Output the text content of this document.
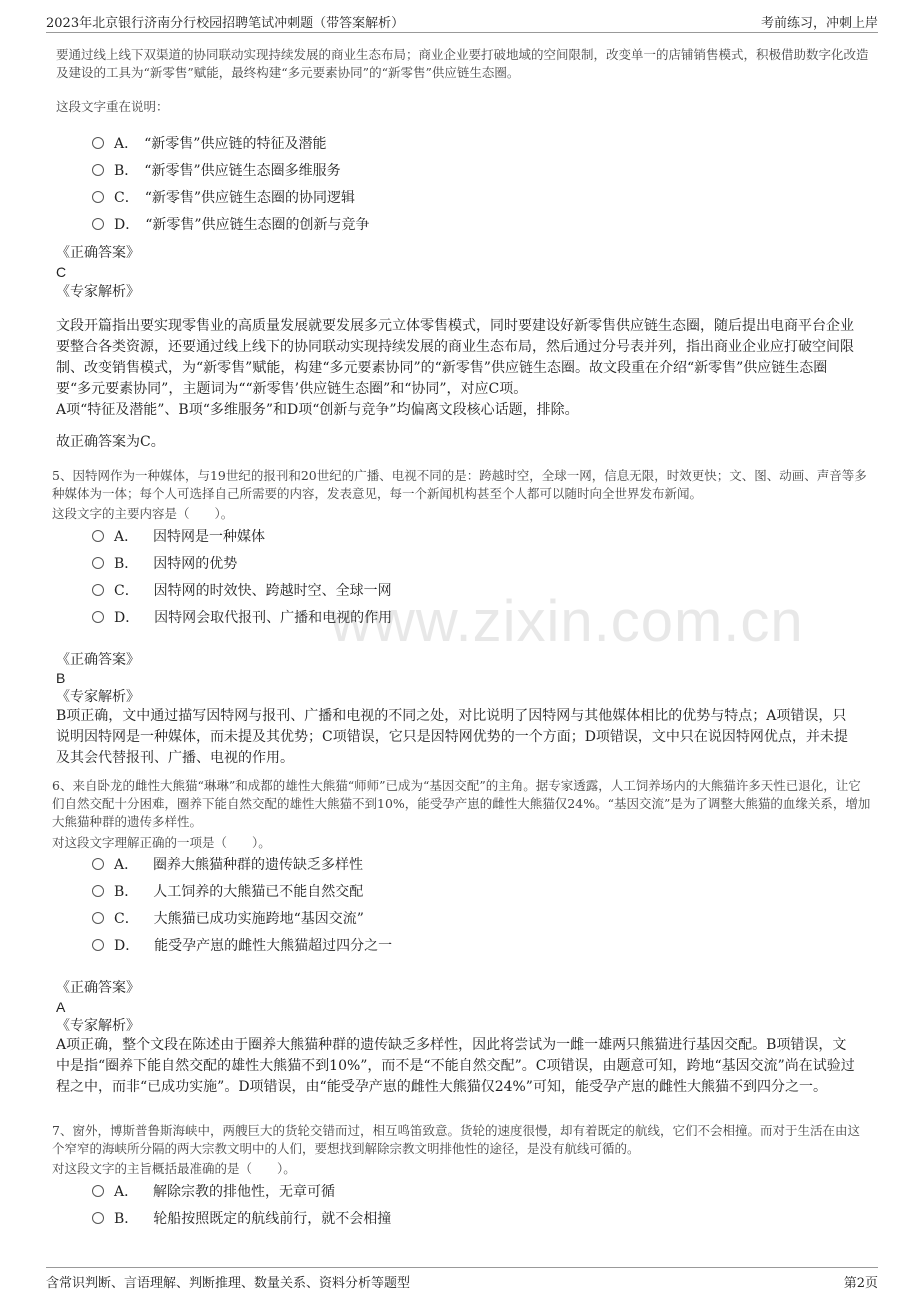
2023年北京银行济南分行校园招聘笔试冲刺题（带答案解析）	考前练习，冲刺上岸
www.zixin.com.cn

要通过线上线下双渠道的协同联动实现持续发展的商业生态布局；商业企业要打破地域的空间限制，改变单一的店铺销售模式，积极借助数字化改造及建设的工具为“新零售”赋能，最终构建“多元要素协同”的“新零售”供应链生态圈。

这段文字重在说明：
A． “新零售”供应链的特征及潜能
B． “新零售”供应链生态圈多维服务
C． “新零售”供应链生态圈的协同逻辑
D． “新零售”供应链生态圈的创新与竞争
《正确答案》
C
《专家解析》

文段开篇指出要实现零售业的高质量发展就要发展多元立体零售模式，同时要建设好新零售供应链生态圈，随后提出电商平台企业要整合各类资源，还要通过线上线下的协同联动实现持续发展的商业生态布局，然后通过分号表并列，指出商业企业应打破空间限制、改变销售模式，为“新零售”赋能，构建“多元要素协同”的“新零售”供应链生态圈。故文段重在介绍“新零售”供应链生态圈要“多元要素协同”，主题词为““新零售’供应链生态圈”和“协同”，对应C项。

A项“特征及潜能”、B项“多维服务”和D项“创新与竞争”均偏离文段核心话题，排除。

故正确答案为C。

5、因特网作为一种媒体，与19世纪的报刊和20世纪的广播、电视不同的是：跨越时空，全球一网，信息无限，时效更快；文、图、动画、声音等多种媒体为一体；每个人可选择自己所需要的内容，发表意见，每一个新闻机构甚至个人都可以随时向全世界发布新闻。

这段文字的主要内容是（　　）。
A． 因特网是一种媒体
B． 因特网的优势
C． 因特网的时效快、跨越时空、全球一网
D． 因特网会取代报刊、广播和电视的作用
《正确答案》
B
《专家解析》

B项正确，文中通过描写因特网与报刊、广播和电视的不同之处，对比说明了因特网与其他媒体相比的优势与特点；A项错误，只说明因特网是一种媒体，而未提及其优势；C项错误，它只是因特网优势的一个方面；D项错误，文中只在说因特网优点，并未提及其会代替报刊、广播、电视的作用。

6、来自卧龙的雌性大熊猫“琳琳”和成都的雄性大熊猫“师师”已成为“基因交配”的主角。据专家透露，人工饲养场内的大熊猫许多天性已退化，让它们自然交配十分困难，圈养下能自然交配的雄性大熊猫不到10%，能受孕产崽的雌性大熊猫仅24%。“基因交流”是为了调整大熊猫的血缘关系，增加大熊猫种群的遗传多样性。

对这段文字理解正确的一项是（　　）。
A． 圈养大熊猫种群的遗传缺乏多样性
B． 人工饲养的大熊猫已不能自然交配
C． 大熊猫已成功实施跨地“基因交流”
D． 能受孕产崽的雌性大熊猫超过四分之一
《正确答案》
A
《专家解析》

A项正确，整个文段在陈述由于圈养大熊猫种群的遗传缺乏多样性，因此将尝试为一雌一雄两只熊猫进行基因交配。B项错误，文中是指“圈养下能自然交配的雄性大熊猫不到10%”，而不是“不能自然交配”。C项错误，由题意可知，跨地“基因交流”尚在试验过程之中，而非“已成功实施”。D项错误，由“能受孕产崽的雌性大熊猫仅24%”可知，能受孕产崽的雌性大熊猫不到四分之一。

7、窗外，博斯普鲁斯海峡中，两艘巨大的货轮交错而过，相互鸣笛致意。货轮的速度很慢，却有着既定的航线，它们不会相撞。而对于生活在由这个窄窄的海峡所分隔的两大宗教文明中的人们，要想找到解除宗教文明排他性的途径，是没有航线可循的。

对这段文字的主旨概括最准确的是（　　）。
A． 解除宗教的排他性，无章可循
B． 轮船按照既定的航线前行，就不会相撞
含常识判断、言语理解、判断推理、数量关系、资料分析等题型	第2页
